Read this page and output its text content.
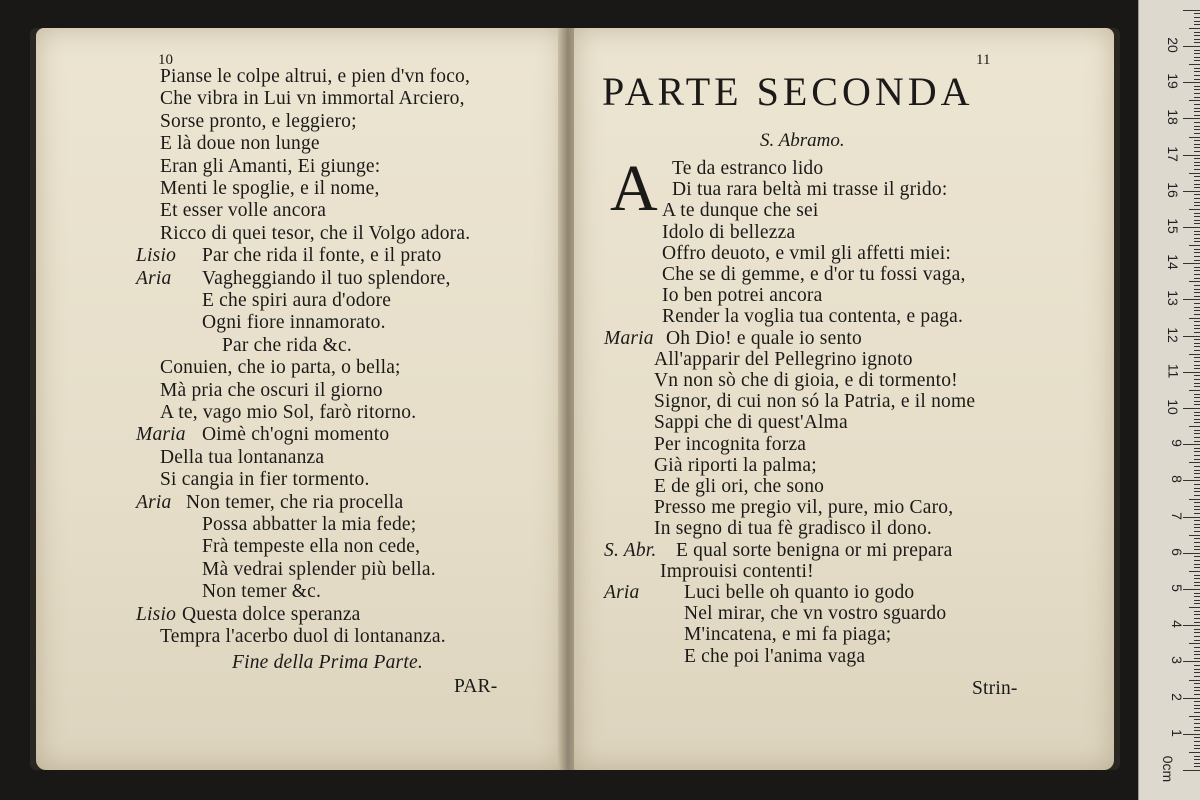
10
Pianse le colpe altrui, e pien d'vn foco,
Che vibra in Lui vn immortal Arciero,
Sorse pronto, e leggiero;
E là doue non lunge
Eran gli Amanti, Ei giunge:
Menti le spoglie, e il nome,
Et esser volle ancora
Ricco di quei tesor, che il Volgo adora.
Lisio Par che rida il fonte, e il prato
Aria Vagheggiando il tuo splendore,
E che spiri aura d'odore
Ogni fiore innamorato.
Par che rida &c.
Conuien, che io parta, o bella;
Mà pria che oscuri il giorno
A te, vago mio Sol, farò ritorno.
Maria Oimè ch'ogni momento
Della tua lontananza
Si cangia in fier tormento.
Aria Non temer, che ria procella
Possa abbatter la mia fede;
Frà tempeste ella non cede,
Mà vedrai splender più bella.
Non temer &c.
Lisio Questa dolce speranza
Tempra l'acerbo duol di lontananza.
Fine della Prima Parte.
PAR-
11
PARTE SECONDA
S. Abramo.
A Te da estranco lido
Di tua rara beltà mi trasse il grido:
A te dunque che sei
Idolo di bellezza
Offro deuoto, e vmil gli affetti miei:
Che se di gemme, e d'or tu fossi vaga,
Io ben potrei ancora
Render la voglia tua contenta, e paga.
Maria Oh Dio! e quale io sento
All'apparir del Pellegrino ignoto
Vn non sò che di gioia, e di tormento!
Signor, di cui non só la Patria, e il nome
Sappi che di quest'Alma
Per incognita forza
Già riporti la palma;
E de gli ori, che sono
Presso me pregio vil, pure, mio Caro,
In segno di tua fè gradisco il dono.
S. Abr. E qual sorte benigna or mi prepara
Improuisi contenti!
Aria Luci belle oh quanto io godo
Nel mirar, che vn vostro sguardo
M'incatena, e mi fa piaga;
E che poi l'anima vaga
Strin-
0cm
1
2
3
4
5
6
7
8
9
10
11
12
13
14
15
16
17
18
19
20
